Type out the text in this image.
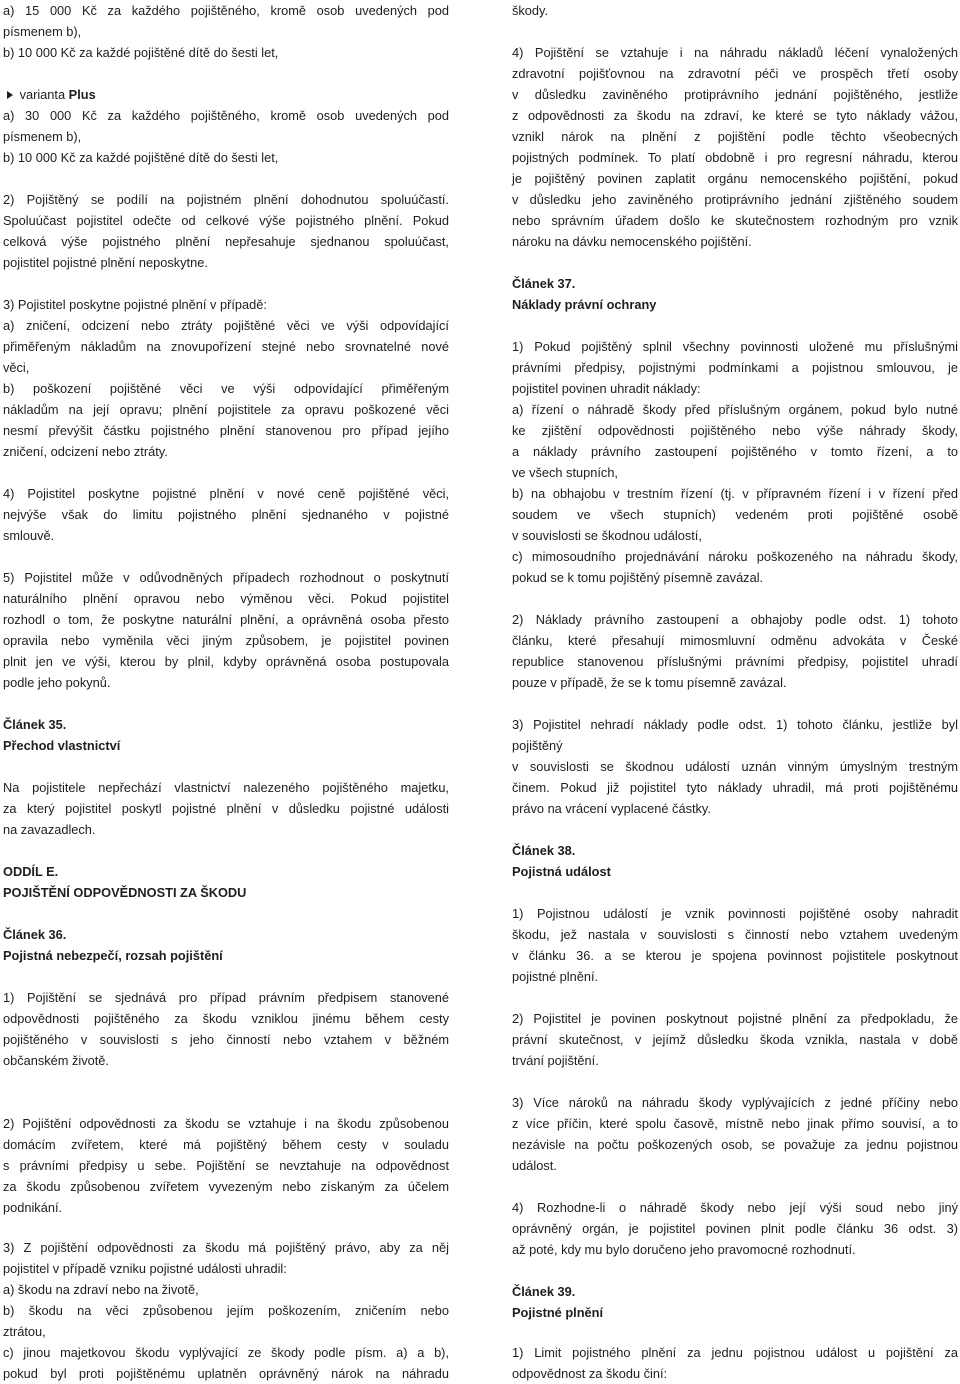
a) 15 000 Kč za každého pojištěného, kromě osob uvedených pod
písmenem b),
b) 10 000 Kč za každé pojištěné dítě do šesti let,
varianta Plus
a) 30 000 Kč za každého pojištěného, kromě osob uvedených pod
písmenem b),
b) 10 000 Kč za každé pojištěné dítě do šesti let,
2) Pojištěný se podílí na pojistném plnění dohodnutou spoluúčastí.
Spoluúčast pojistitel odečte od celkové výše pojistného plnění. Pokud
celková výše pojistného plnění nepřesahuje sjednanou spoluúčast,
pojistitel pojistné plnění neposkytne.
3) Pojistitel poskytne pojistné plnění v případě:
a) zničení, odcizení nebo ztráty pojištěné věci ve výši odpovídající
přiměřeným nákladům na znovupořízení stejné nebo srovnatelné nové
věci,
b) poškození pojištěné věci ve výši odpovídající přiměřeným
nákladům na její opravu; plnění pojistitele za opravu poškozené věci
nesmí převýšit částku pojistného plnění stanovenou pro případ jejího
zničení, odcizení nebo ztráty.
4) Pojistitel poskytne pojistné plnění v nové ceně pojištěné věci,
nejvýše však do limitu pojistného plnění sjednaného v pojistné
smlouvě.
5) Pojistitel může v odůvodněných případech rozhodnout o poskytnutí
naturálního plnění opravou nebo výměnou věci. Pokud pojistitel
rozhodl o tom, že poskytne naturální plnění, a oprávněná osoba přesto
opravila nebo vyměnila věci jiným způsobem, je pojistitel povinen
plnit jen ve výši, kterou by plnil, kdyby oprávněná osoba postupovala
podle jeho pokynů.
Článek 35.
Přechod vlastnictví
Na pojistitele nepřechází vlastnictví nalezeného pojištěného majetku,
za který pojistitel poskytl pojistné plnění v důsledku pojistné události
na zavazadlech.
ODDÍL E.
POJIŠTĚNÍ ODPOVĚDNOSTI ZA ŠKODU
Článek 36.
Pojistná nebezpečí, rozsah pojištění
1) Pojištění se sjednává pro případ právním předpisem stanovené
odpovědnosti pojištěného za škodu vzniklou jinému během cesty
pojištěného v souvislosti s jeho činností nebo vztahem v běžném
občanském životě.
2) Pojištění odpovědnosti za škodu se vztahuje i na škodu způsobenou
domácím zvířetem, které má pojištěný během cesty v souladu
s právními předpisy u sebe. Pojištění se nevztahuje na odpovědnost
za škodu způsobenou zvířetem vyvezeným nebo získaným za účelem
podnikání.
3) Z pojištění odpovědnosti za škodu má pojištěný právo, aby za něj
pojistitel v případě vzniku pojistné události uhradil:
a) škodu na zdraví nebo na životě,
b) škodu na věci způsobenou jejím poškozením, zničením nebo
ztrátou,
c) jinou majetkovou škodu vyplývající ze škody podle písm. a) a b),
pokud byl proti pojištěnému uplatněn oprávněný nárok na náhradu
škody.
4) Pojištění se vztahuje i na náhradu nákladů léčení vynaložených
zdravotní pojišťovnou na zdravotní péči ve prospěch třetí osoby
v důsledku zaviněného protiprávního jednání pojištěného, jestliže
z odpovědnosti za škodu na zdraví, ke které se tyto náklady vážou,
vznikl nárok na plnění z pojištění podle těchto všeobecných
pojistných podmínek. To platí obdobně i pro regresní náhradu, kterou
je pojištěný povinen zaplatit orgánu nemocenského pojištění, pokud
v důsledku jeho zaviněného protiprávního jednání zjištěného soudem
nebo správním úřadem došlo ke skutečnostem rozhodným pro vznik
nároku na dávku nemocenského pojištění.
Článek 37.
Náklady právní ochrany
1) Pokud pojištěný splnil všechny povinnosti uložené mu příslušnými
právními předpisy, pojistnými podmínkami a pojistnou smlouvou, je
pojistitel povinen uhradit náklady:
a) řízení o náhradě škody před příslušným orgánem, pokud bylo nutné
ke zjištění odpovědnosti pojištěného nebo výše náhrady škody,
a náklady právního zastoupení pojištěného v tomto řízení, a to
ve všech stupních,
b) na obhajobu v trestním řízení (tj. v přípravném řízení i v řízení před
soudem ve všech stupních) vedeném proti pojištěné osobě
v souvislosti se škodnou událostí,
c) mimosoudního projednávání nároku poškozeného na náhradu škody,
pokud se k tomu pojištěný písemně zavázal.
2) Náklady právního zastoupení a obhajoby podle odst. 1) tohoto
článku, které přesahují mimosmluvní odměnu advokáta v České
republice stanovenou příslušnými právními předpisy, pojistitel uhradí
pouze v případě, že se k tomu písemně zavázal.
3) Pojistitel nehradí náklady podle odst. 1) tohoto článku, jestliže byl
pojištěný
v souvislosti se škodnou událostí uznán vinným úmyslným trestným
činem. Pokud již pojistitel tyto náklady uhradil, má proti pojištěnému
právo na vrácení vyplacené částky.
Článek 38.
Pojistná událost
1) Pojistnou událostí je vznik povinnosti pojištěné osoby nahradit
škodu, jež nastala v souvislosti s činností nebo vztahem uvedeným
v článku 36. a se kterou je spojena povinnost pojistitele poskytnout
pojistné plnění.
2) Pojistitel je povinen poskytnout pojistné plnění za předpokladu, že
právní skutečnost, v jejímž důsledku škoda vznikla, nastala v době
trvání pojištění.
3) Více nároků na náhradu škody vyplývajících z jedné příčiny nebo
z více příčin, které spolu časově, místně nebo jinak přímo souvisí, a to
nezávisle na počtu poškozených osob, se považuje za jednu pojistnou
událost.
4) Rozhodne-li o náhradě škody nebo její výši soud nebo jiný
oprávněný orgán, je pojistitel povinen plnit podle článku 36 odst. 3)
až poté, kdy mu bylo doručeno jeho pravomocné rozhodnutí.
Článek 39.
Pojistné plnění
1) Limit pojistného plnění za jednu pojistnou událost u pojištění za
odpovědnost za škodu činí:
